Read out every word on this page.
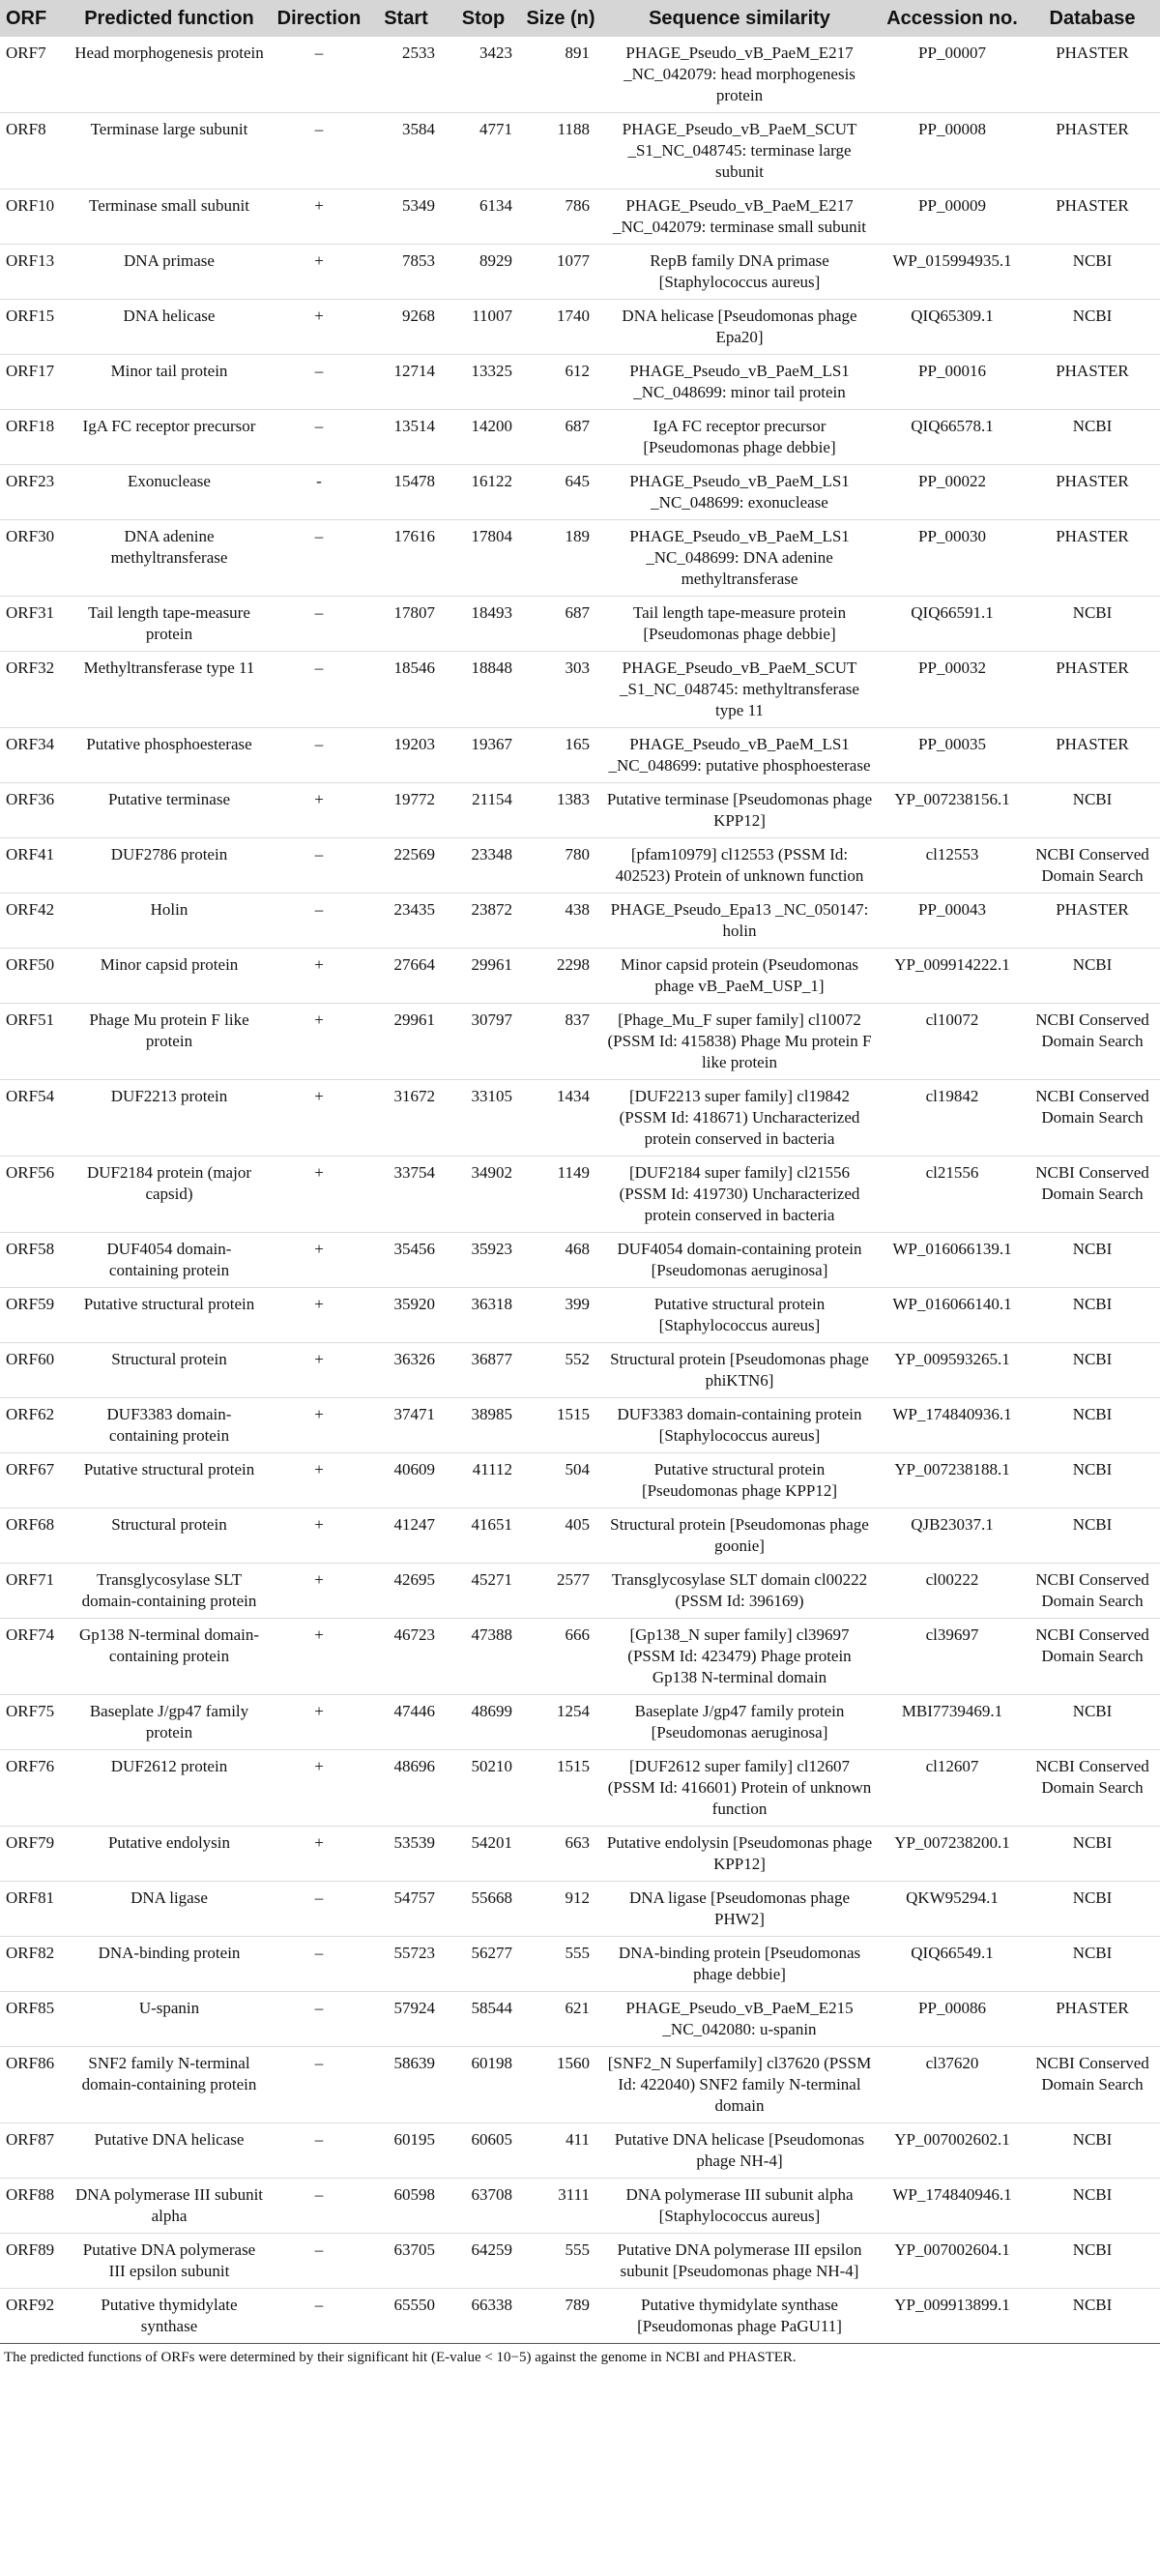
ORF	Predicted function	Direction	Start	Stop	Size (n)	Sequence similarity	Accession no.	Database
ORF7	Head morphogenesis protein	–	2533	3423	891	PHAGE_Pseudo_vB_PaeM_E217 _NC_042079: head morphogenesis protein	PP_00007	PHASTER
ORF8	Terminase large subunit	–	3584	4771	1188	PHAGE_Pseudo_vB_PaeM_SCUT _S1_NC_048745: terminase large subunit	PP_00008	PHASTER
ORF10	Terminase small subunit	+	5349	6134	786	PHAGE_Pseudo_vB_PaeM_E217 _NC_042079: terminase small subunit	PP_00009	PHASTER
ORF13	DNA primase	+	7853	8929	1077	RepB family DNA primase [Staphylococcus aureus]	WP_015994935.1	NCBI
ORF15	DNA helicase	+	9268	11007	1740	DNA helicase [Pseudomonas phage Epa20]	QIQ65309.1	NCBI
ORF17	Minor tail protein	–	12714	13325	612	PHAGE_Pseudo_vB_PaeM_LS1 _NC_048699: minor tail protein	PP_00016	PHASTER
ORF18	IgA FC receptor precursor	–	13514	14200	687	IgA FC receptor precursor [Pseudomonas phage debbie]	QIQ66578.1	NCBI
ORF23	Exonuclease	-	15478	16122	645	PHAGE_Pseudo_vB_PaeM_LS1 _NC_048699: exonuclease	PP_00022	PHASTER
ORF30	DNA adenine methyltransferase	–	17616	17804	189	PHAGE_Pseudo_vB_PaeM_LS1 _NC_048699: DNA adenine methyltransferase	PP_00030	PHASTER
ORF31	Tail length tape-measure protein	–	17807	18493	687	Tail length tape-measure protein [Pseudomonas phage debbie]	QIQ66591.1	NCBI
ORF32	Methyltransferase type 11	–	18546	18848	303	PHAGE_Pseudo_vB_PaeM_SCUT _S1_NC_048745: methyltransferase type 11	PP_00032	PHASTER
ORF34	Putative phosphoesterase	–	19203	19367	165	PHAGE_Pseudo_vB_PaeM_LS1 _NC_048699: putative phosphoesterase	PP_00035	PHASTER
ORF36	Putative terminase	+	19772	21154	1383	Putative terminase [Pseudomonas phage KPP12]	YP_007238156.1	NCBI
ORF41	DUF2786 protein	–	22569	23348	780	[pfam10979] cl12553 (PSSM Id: 402523) Protein of unknown function	cl12553	NCBI Conserved Domain Search
ORF42	Holin	–	23435	23872	438	PHAGE_Pseudo_Epa13 _NC_050147: holin	PP_00043	PHASTER
ORF50	Minor capsid protein	+	27664	29961	2298	Minor capsid protein (Pseudomonas phage vB_PaeM_USP_1]	YP_009914222.1	NCBI
ORF51	Phage Mu protein F like protein	+	29961	30797	837	[Phage_Mu_F super family] cl10072 (PSSM Id: 415838) Phage Mu protein F like protein	cl10072	NCBI Conserved Domain Search
ORF54	DUF2213 protein	+	31672	33105	1434	[DUF2213 super family] cl19842 (PSSM Id: 418671) Uncharacterized protein conserved in bacteria	cl19842	NCBI Conserved Domain Search
ORF56	DUF2184 protein (major capsid)	+	33754	34902	1149	[DUF2184 super family] cl21556 (PSSM Id: 419730) Uncharacterized protein conserved in bacteria	cl21556	NCBI Conserved Domain Search
ORF58	DUF4054 domain-containing protein	+	35456	35923	468	DUF4054 domain-containing protein [Pseudomonas aeruginosa]	WP_016066139.1	NCBI
ORF59	Putative structural protein	+	35920	36318	399	Putative structural protein [Staphylococcus aureus]	WP_016066140.1	NCBI
ORF60	Structural protein	+	36326	36877	552	Structural protein [Pseudomonas phage phiKTN6]	YP_009593265.1	NCBI
ORF62	DUF3383 domain-containing protein	+	37471	38985	1515	DUF3383 domain-containing protein [Staphylococcus aureus]	WP_174840936.1	NCBI
ORF67	Putative structural protein	+	40609	41112	504	Putative structural protein [Pseudomonas phage KPP12]	YP_007238188.1	NCBI
ORF68	Structural protein	+	41247	41651	405	Structural protein [Pseudomonas phage goonie]	QJB23037.1	NCBI
ORF71	Transglycosylase SLT domain-containing protein	+	42695	45271	2577	Transglycosylase SLT domain cl00222 (PSSM Id: 396169)	cl00222	NCBI Conserved Domain Search
ORF74	Gp138 N-terminal domain-containing protein	+	46723	47388	666	[Gp138_N super family] cl39697 (PSSM Id: 423479) Phage protein Gp138 N-terminal domain	cl39697	NCBI Conserved Domain Search
ORF75	Baseplate J/gp47 family protein	+	47446	48699	1254	Baseplate J/gp47 family protein [Pseudomonas aeruginosa]	MBI7739469.1	NCBI
ORF76	DUF2612 protein	+	48696	50210	1515	[DUF2612 super family] cl12607 (PSSM Id: 416601) Protein of unknown function	cl12607	NCBI Conserved Domain Search
ORF79	Putative endolysin	+	53539	54201	663	Putative endolysin [Pseudomonas phage KPP12]	YP_007238200.1	NCBI
ORF81	DNA ligase	–	54757	55668	912	DNA ligase [Pseudomonas phage PHW2]	QKW95294.1	NCBI
ORF82	DNA-binding protein	–	55723	56277	555	DNA-binding protein [Pseudomonas phage debbie]	QIQ66549.1	NCBI
ORF85	U-spanin	–	57924	58544	621	PHAGE_Pseudo_vB_PaeM_E215 _NC_042080: u-spanin	PP_00086	PHASTER
ORF86	SNF2 family N-terminal domain-containing protein	–	58639	60198	1560	[SNF2_N Superfamily] cl37620 (PSSM Id: 422040) SNF2 family N-terminal domain	cl37620	NCBI Conserved Domain Search
ORF87	Putative DNA helicase	–	60195	60605	411	Putative DNA helicase [Pseudomonas phage NH-4]	YP_007002602.1	NCBI
ORF88	DNA polymerase III subunit alpha	–	60598	63708	3111	DNA polymerase III subunit alpha [Staphylococcus aureus]	WP_174840946.1	NCBI
ORF89	Putative DNA polymerase III epsilon subunit	–	63705	64259	555	Putative DNA polymerase III epsilon subunit [Pseudomonas phage NH-4]	YP_007002604.1	NCBI
ORF92	Putative thymidylate synthase	–	65550	66338	789	Putative thymidylate synthase [Pseudomonas phage PaGU11]	YP_009913899.1	NCBI
The predicted functions of ORFs were determined by their significant hit (E-value < 10−5) against the genome in NCBI and PHASTER.
